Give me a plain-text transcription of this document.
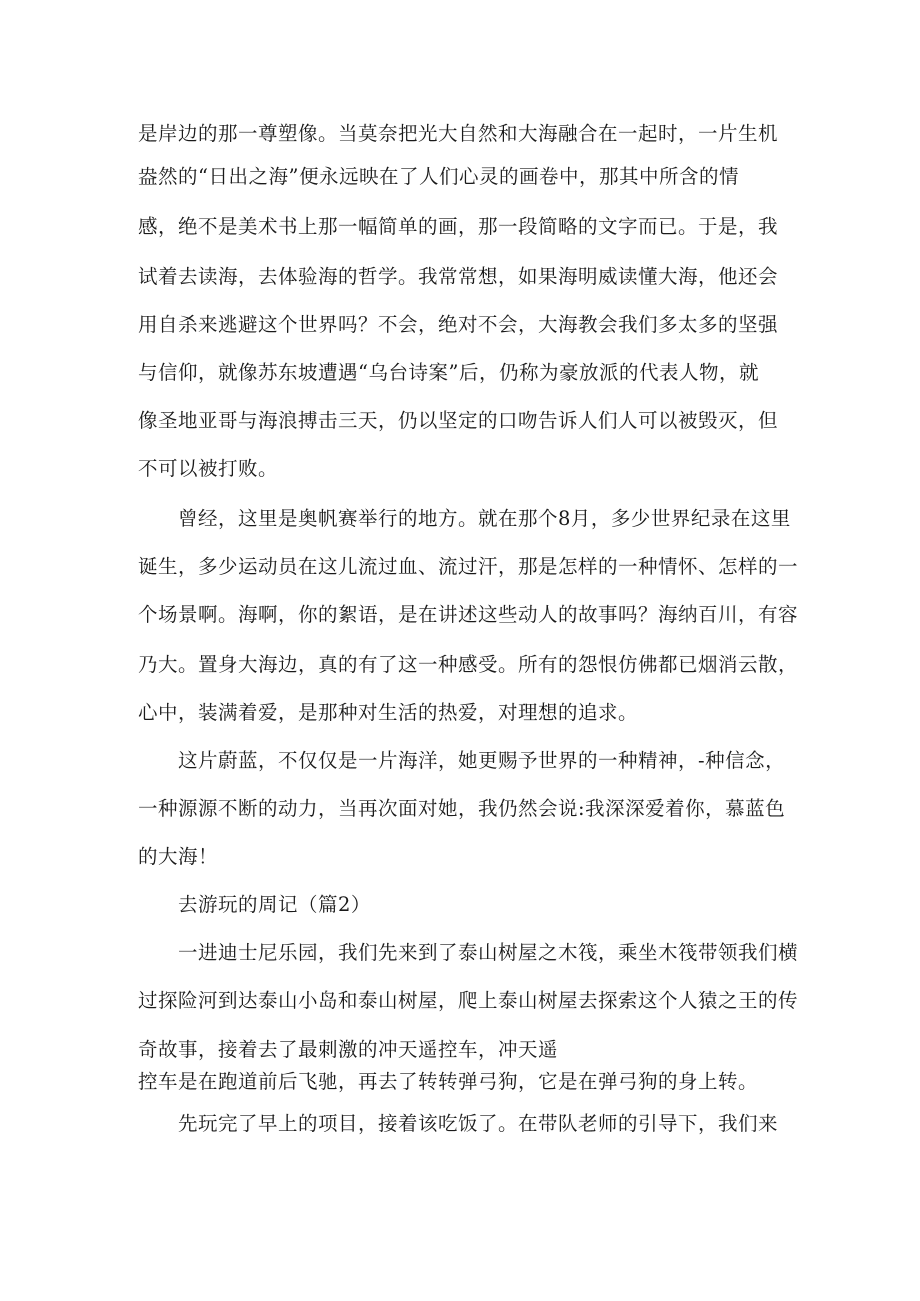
是岸边的那一尊塑像。当莫奈把光大自然和大海融合在一起时，一片生机
盎然的“日出之海”便永远映在了人们心灵的画卷中，那其中所含的情
感，绝不是美术书上那一幅简单的画，那一段简略的文字而已。于是，我
试着去读海，去体验海的哲学。我常常想，如果海明威读懂大海，他还会
用自杀来逃避这个世界吗？不会，绝对不会，大海教会我们多太多的坚强
与信仰，就像苏东坡遭遇“乌台诗案”后，仍称为豪放派的代表人物，就
像圣地亚哥与海浪搏击三天，仍以坚定的口吻告诉人们人可以被毁灭，但
不可以被打败。
曾经，这里是奥帆赛举行的地方。就在那个8月，多少世界纪录在这里
诞生，多少运动员在这儿流过血、流过汗，那是怎样的一种情怀、怎样的一
个场景啊。海啊，你的絮语，是在讲述这些动人的故事吗？海纳百川，有容
乃大。置身大海边，真的有了这一种感受。所有的怨恨仿佛都已烟消云散，
心中，装满着爱，是那种对生活的热爱，对理想的追求。
这片蔚蓝，不仅仅是一片海洋，她更赐予世界的一种精神，-种信念，
一种源源不断的动力，当再次面对她，我仍然会说:我深深爱着你，慕蓝色
的大海！
去游玩的周记（篇2）
一进迪士尼乐园，我们先来到了泰山树屋之木筏，乘坐木筏带领我们横
过探险河到达泰山小岛和泰山树屋，爬上泰山树屋去探索这个人猿之王的传
奇故事，接着去了最刺激的冲天遥控车，冲天遥
控车是在跑道前后飞驰，再去了转转弹弓狗，它是在弹弓狗的身上转。
先玩完了早上的项目，接着该吃饭了。在带队老师的引导下，我们来
